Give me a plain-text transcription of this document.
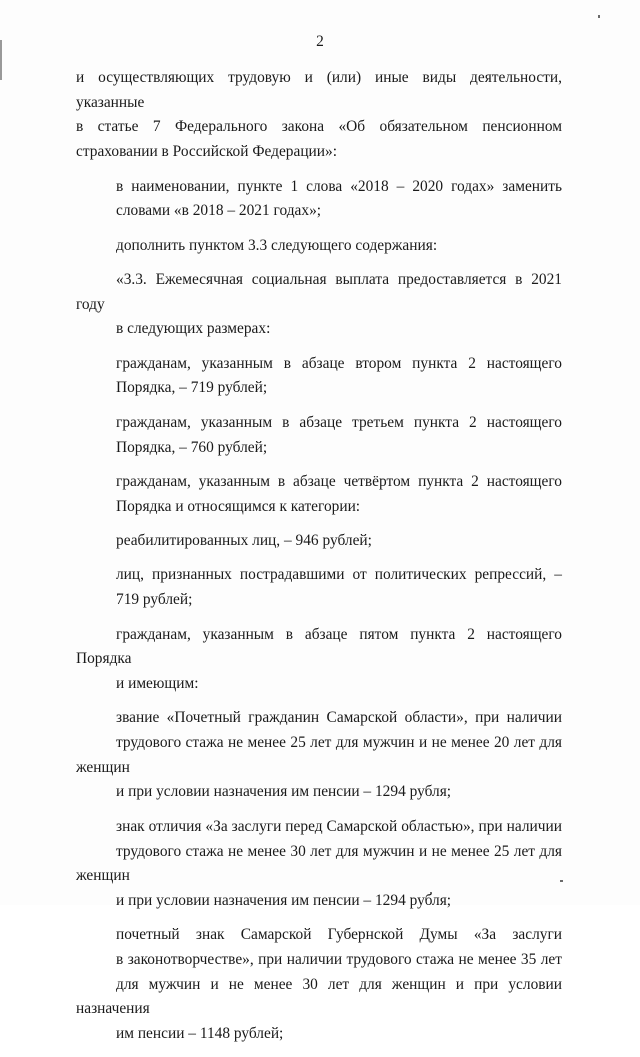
2
и осуществляющих трудовую и (или) иные виды деятельности, указанные
в статье 7 Федерального закона «Об обязательном пенсионном
страховании в Российской Федерации»:
в наименовании, пункте 1 слова «2018 – 2020 годах» заменить
словами «в 2018 – 2021 годах»;
дополнить пунктом 3.3 следующего содержания:
«3.3. Ежемесячная социальная выплата предоставляется в 2021 году
в следующих размерах:
гражданам, указанным в абзаце втором пункта 2 настоящего
Порядка, – 719 рублей;
гражданам, указанным в абзаце третьем пункта 2 настоящего
Порядка, – 760 рублей;
гражданам, указанным в абзаце четвёртом пункта 2 настоящего
Порядка и относящимся к категории:
реабилитированных лиц, – 946 рублей;
лиц, признанных пострадавшими от политических репрессий, –
719 рублей;
гражданам, указанным в абзаце пятом пункта 2 настоящего Порядка
и имеющим:
звание «Почетный гражданин Самарской области», при наличии
трудового стажа не менее 25 лет для мужчин и не менее 20 лет для женщин
и при условии назначения им пенсии – 1294 рубля;
знак отличия «За заслуги перед Самарской областью», при наличии
трудового стажа не менее 30 лет для мужчин и не менее 25 лет для женщин
и при условии назначения им пенсии – 1294 рубля;
почетный знак Самарской Губернской Думы «За заслуги
в законотворчестве», при наличии трудового стажа не менее 35 лет
для мужчин и не менее 30 лет для женщин и при условии назначения
им пенсии – 1148 рублей;
